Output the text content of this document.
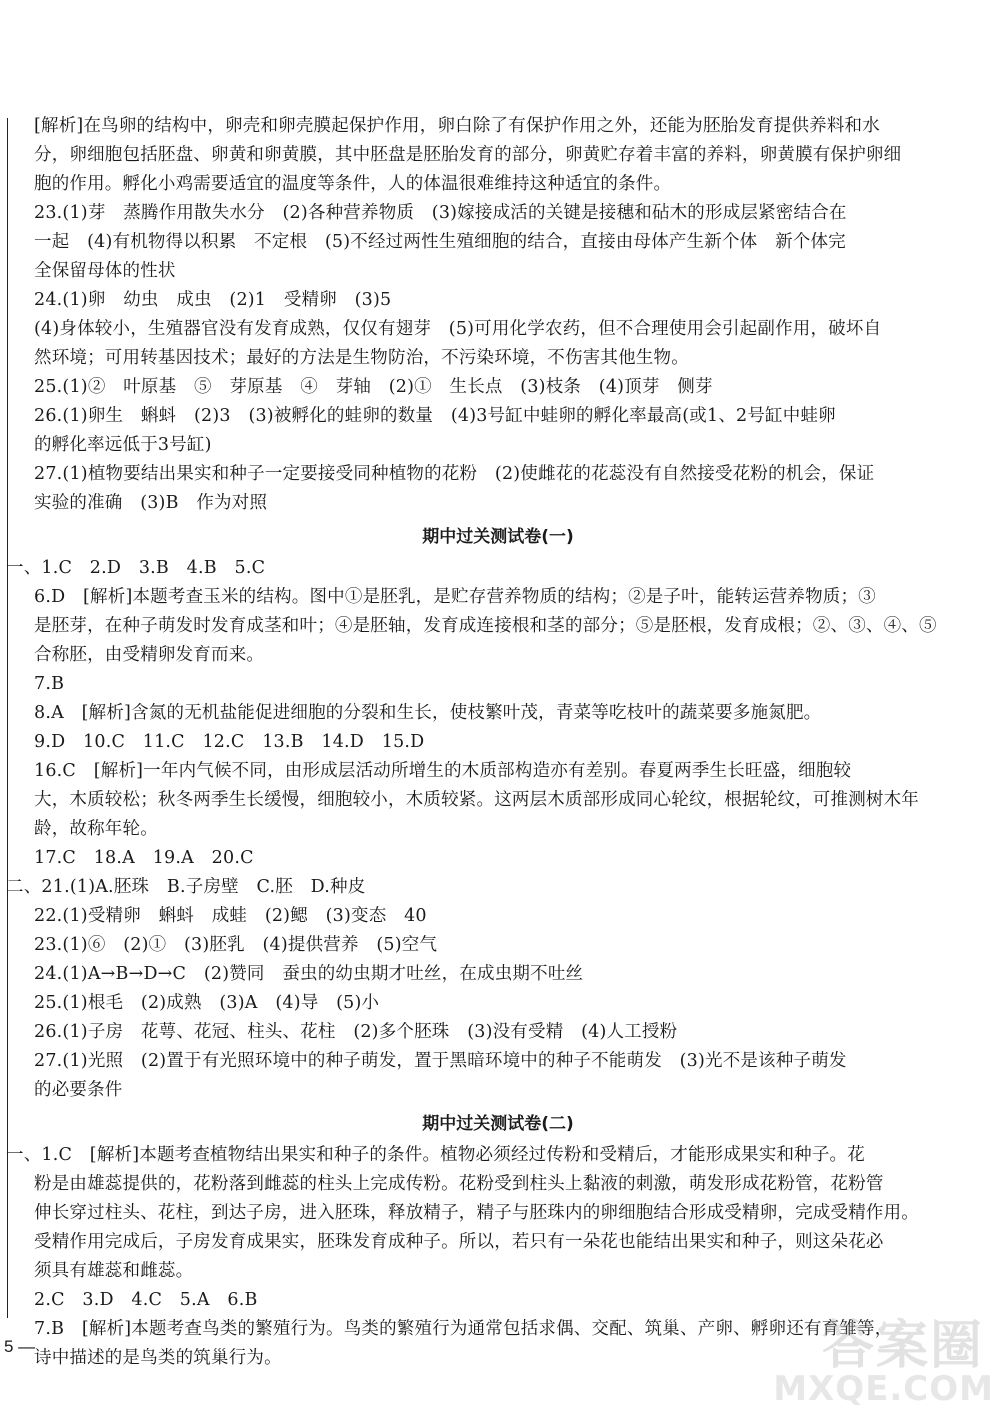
[解析]在鸟卵的结构中，卵壳和卵壳膜起保护作用，卵白除了有保护作用之外，还能为胚胎发育提供养料和水
分，卵细胞包括胚盘、卵黄和卵黄膜，其中胚盘是胚胎发育的部分，卵黄贮存着丰富的养料，卵黄膜有保护卵细
胞的作用。孵化小鸡需要适宜的温度等条件，人的体温很难维持这种适宜的条件。
23.(1)芽　蒸腾作用散失水分　(2)各种营养物质　(3)嫁接成活的关键是接穗和砧木的形成层紧密结合在
一起　(4)有机物得以积累　不定根　(5)不经过两性生殖细胞的结合，直接由母体产生新个体　新个体完
全保留母体的性状
24.(1)卵　幼虫　成虫　(2)1　受精卵　(3)5
(4)身体较小，生殖器官没有发育成熟，仅仅有翅芽　(5)可用化学农药，但不合理使用会引起副作用，破坏自
然环境；可用转基因技术；最好的方法是生物防治，不污染环境，不伤害其他生物。
25.(1)②　叶原基　⑤　芽原基　④　芽轴　(2)①　生长点　(3)枝条　(4)顶芽　侧芽
26.(1)卵生　蝌蚪　(2)3　(3)被孵化的蛙卵的数量　(4)3号缸中蛙卵的孵化率最高(或1、2号缸中蛙卵
的孵化率远低于3号缸)
27.(1)植物要结出果实和种子一定要接受同种植物的花粉　(2)使雌花的花蕊没有自然接受花粉的机会，保证
实验的准确　(3)B　作为对照
期中过关测试卷(一)
一、1.C　2.D　3.B　4.B　5.C
6.D　[解析]本题考查玉米的结构。图中①是胚乳，是贮存营养物质的结构；②是子叶，能转运营养物质；③
是胚芽，在种子萌发时发育成茎和叶；④是胚轴，发育成连接根和茎的部分；⑤是胚根，发育成根；②、③、④、⑤
合称胚，由受精卵发育而来。
7.B
8.A　[解析]含氮的无机盐能促进细胞的分裂和生长，使枝繁叶茂，青菜等吃枝叶的蔬菜要多施氮肥。
9.D　10.C　11.C　12.C　13.B　14.D　15.D
16.C　[解析]一年内气候不同，由形成层活动所增生的木质部构造亦有差别。春夏两季生长旺盛，细胞较
大，木质较松；秋冬两季生长缓慢，细胞较小，木质较紧。这两层木质部形成同心轮纹，根据轮纹，可推测树木年
龄，故称年轮。
17.C　18.A　19.A　20.C
二、21.(1)A.胚珠　B.子房壁　C.胚　D.种皮
22.(1)受精卵　蝌蚪　成蛙　(2)鳃　(3)变态　40
23.(1)⑥　(2)①　(3)胚乳　(4)提供营养　(5)空气
24.(1)A→B→D→C　(2)赞同　蚕虫的幼虫期才吐丝，在成虫期不吐丝
25.(1)根毛　(2)成熟　(3)A　(4)导　(5)小
26.(1)子房　花萼、花冠、柱头、花柱　(2)多个胚珠　(3)没有受精　(4)人工授粉
27.(1)光照　(2)置于有光照环境中的种子萌发，置于黑暗环境中的种子不能萌发　(3)光不是该种子萌发
的必要条件
期中过关测试卷(二)
一、1.C　[解析]本题考查植物结出果实和种子的条件。植物必须经过传粉和受精后，才能形成果实和种子。花
粉是由雄蕊提供的，花粉落到雌蕊的柱头上完成传粉。花粉受到柱头上黏液的刺激，萌发形成花粉管，花粉管
伸长穿过柱头、花柱，到达子房，进入胚珠，释放精子，精子与胚珠内的卵细胞结合形成受精卵，完成受精作用。
受精作用完成后，子房发育成果实，胚珠发育成种子。所以，若只有一朵花也能结出果实和种子，则这朵花必
须具有雄蕊和雌蕊。
2.C　3.D　4.C　5.A　6.B
7.B　[解析]本题考查鸟类的繁殖行为。鸟类的繁殖行为通常包括求偶、交配、筑巢、产卵、孵卵还有育雏等，
诗中描述的是鸟类的筑巢行为。
5 —	答案圈
MXQE.COM
